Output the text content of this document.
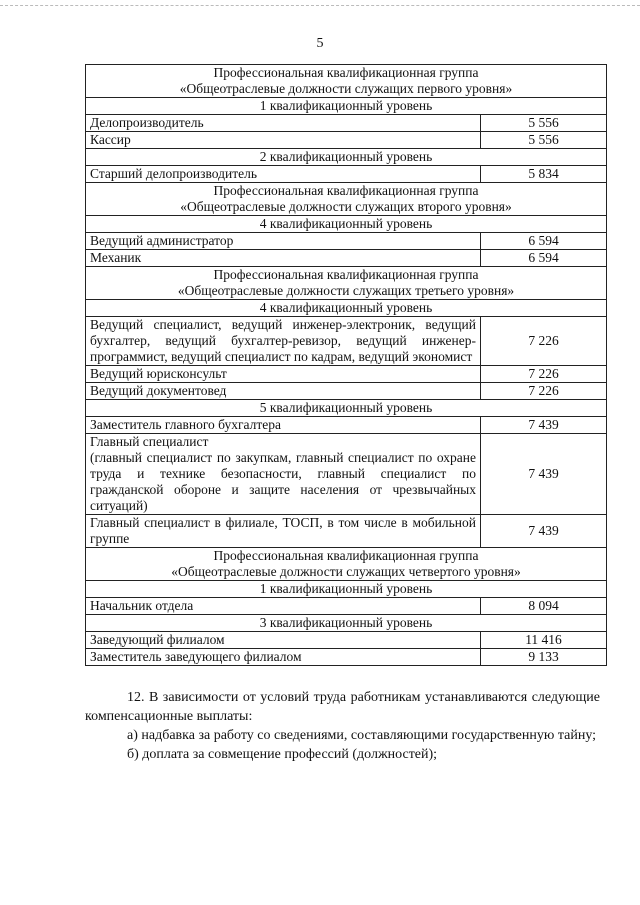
5
Профессиональная квалификационная группа
«Общеотраслевые должности служащих первого уровня»	

1 квалификационный уровень	

Делопроизводитель	5 556

Кассир	5 556
2 квалификационный уровень	

Старший делопроизводитель	5 834

Профессиональная квалификационная группа
«Общеотраслевые должности служащих второго уровня»	

4 квалификационный уровень	

Ведущий администратор	6 594

Механик	6 594

Профессиональная квалификационная группа
«Общеотраслевые должности служащих третьего уровня»	

4 квалификационный уровень	

Ведущий специалист, ведущий инженер-электроник, ведущий бухгалтер, ведущий бухгалтер-ревизор, ведущий инженер-программист, ведущий специалист по кадрам, ведущий экономист	7 226

Ведущий юрисконсульт	7 226

Ведущий документовед	7 226
5 квалификационный уровень	

Заместитель главного бухгалтера	7 439

Главный специалист
(главный специалист по закупкам, главный специалист по охране труда и технике безопасности, главный специалист по гражданской обороне и защите населения от чрезвычайных ситуаций)	7 439

Главный специалист в филиале, ТОСП, в том числе в мобильной группе	7 439

Профессиональная квалификационная группа
«Общеотраслевые должности служащих четвертого уровня»	

1 квалификационный уровень	

Начальник отдела	8 094
3 квалификационный уровень	

Заведующий филиалом	11 416

Заместитель заведующего филиалом	9 133

12. В зависимости от условий труда работникам устанавливаются следующие компенсационные выплаты:

а) надбавка за работу со сведениями, составляющими государственную тайну;

б) доплата за совмещение профессий (должностей);
